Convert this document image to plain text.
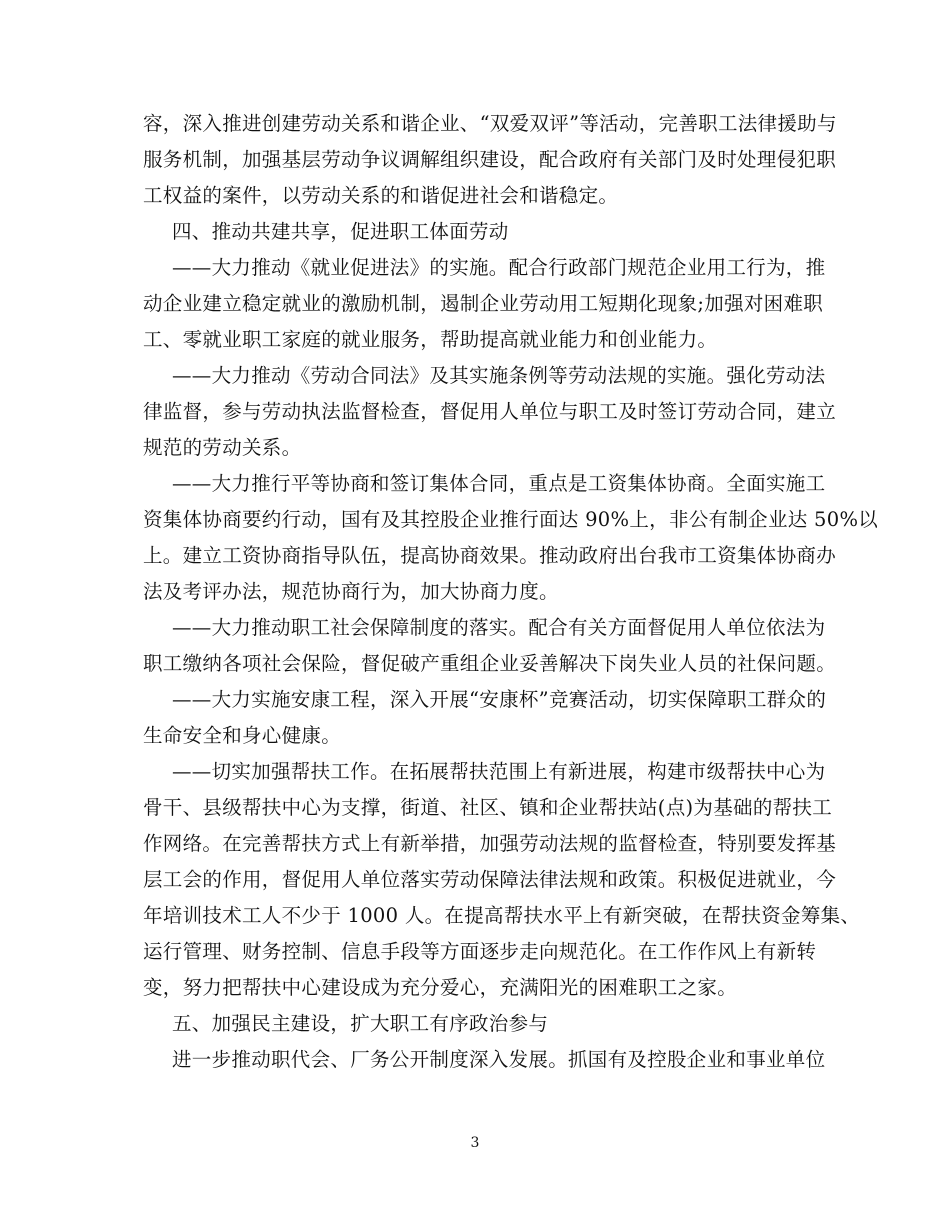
容，深入推进创建劳动关系和谐企业、“双爱双评”等活动，完善职工法律援助与
服务机制，加强基层劳动争议调解组织建设，配合政府有关部门及时处理侵犯职
工权益的案件，以劳动关系的和谐促进社会和谐稳定。
四、推动共建共享，促进职工体面劳动
——大力推动《就业促进法》的实施。配合行政部门规范企业用工行为，推
动企业建立稳定就业的激励机制，遏制企业劳动用工短期化现象;加强对困难职
工、零就业职工家庭的就业服务，帮助提高就业能力和创业能力。
——大力推动《劳动合同法》及其实施条例等劳动法规的实施。强化劳动法
律监督，参与劳动执法监督检查，督促用人单位与职工及时签订劳动合同，建立
规范的劳动关系。
——大力推行平等协商和签订集体合同，重点是工资集体协商。全面实施工
资集体协商要约行动，国有及其控股企业推行面达 90%上，非公有制企业达 50%以
上。建立工资协商指导队伍，提高协商效果。推动政府出台我市工资集体协商办
法及考评办法，规范协商行为，加大协商力度。
——大力推动职工社会保障制度的落实。配合有关方面督促用人单位依法为
职工缴纳各项社会保险，督促破产重组企业妥善解决下岗失业人员的社保问题。
——大力实施安康工程，深入开展“安康杯”竞赛活动，切实保障职工群众的
生命安全和身心健康。
——切实加强帮扶工作。在拓展帮扶范围上有新进展，构建市级帮扶中心为
骨干、县级帮扶中心为支撑，街道、社区、镇和企业帮扶站(点)为基础的帮扶工
作网络。在完善帮扶方式上有新举措，加强劳动法规的监督检查，特别要发挥基
层工会的作用，督促用人单位落实劳动保障法律法规和政策。积极促进就业，今
年培训技术工人不少于 1000 人。在提高帮扶水平上有新突破，在帮扶资金筹集、
运行管理、财务控制、信息手段等方面逐步走向规范化。在工作作风上有新转
变，努力把帮扶中心建设成为充分爱心，充满阳光的困难职工之家。
五、加强民主建设，扩大职工有序政治参与
进一步推动职代会、厂务公开制度深入发展。抓国有及控股企业和事业单位
3
